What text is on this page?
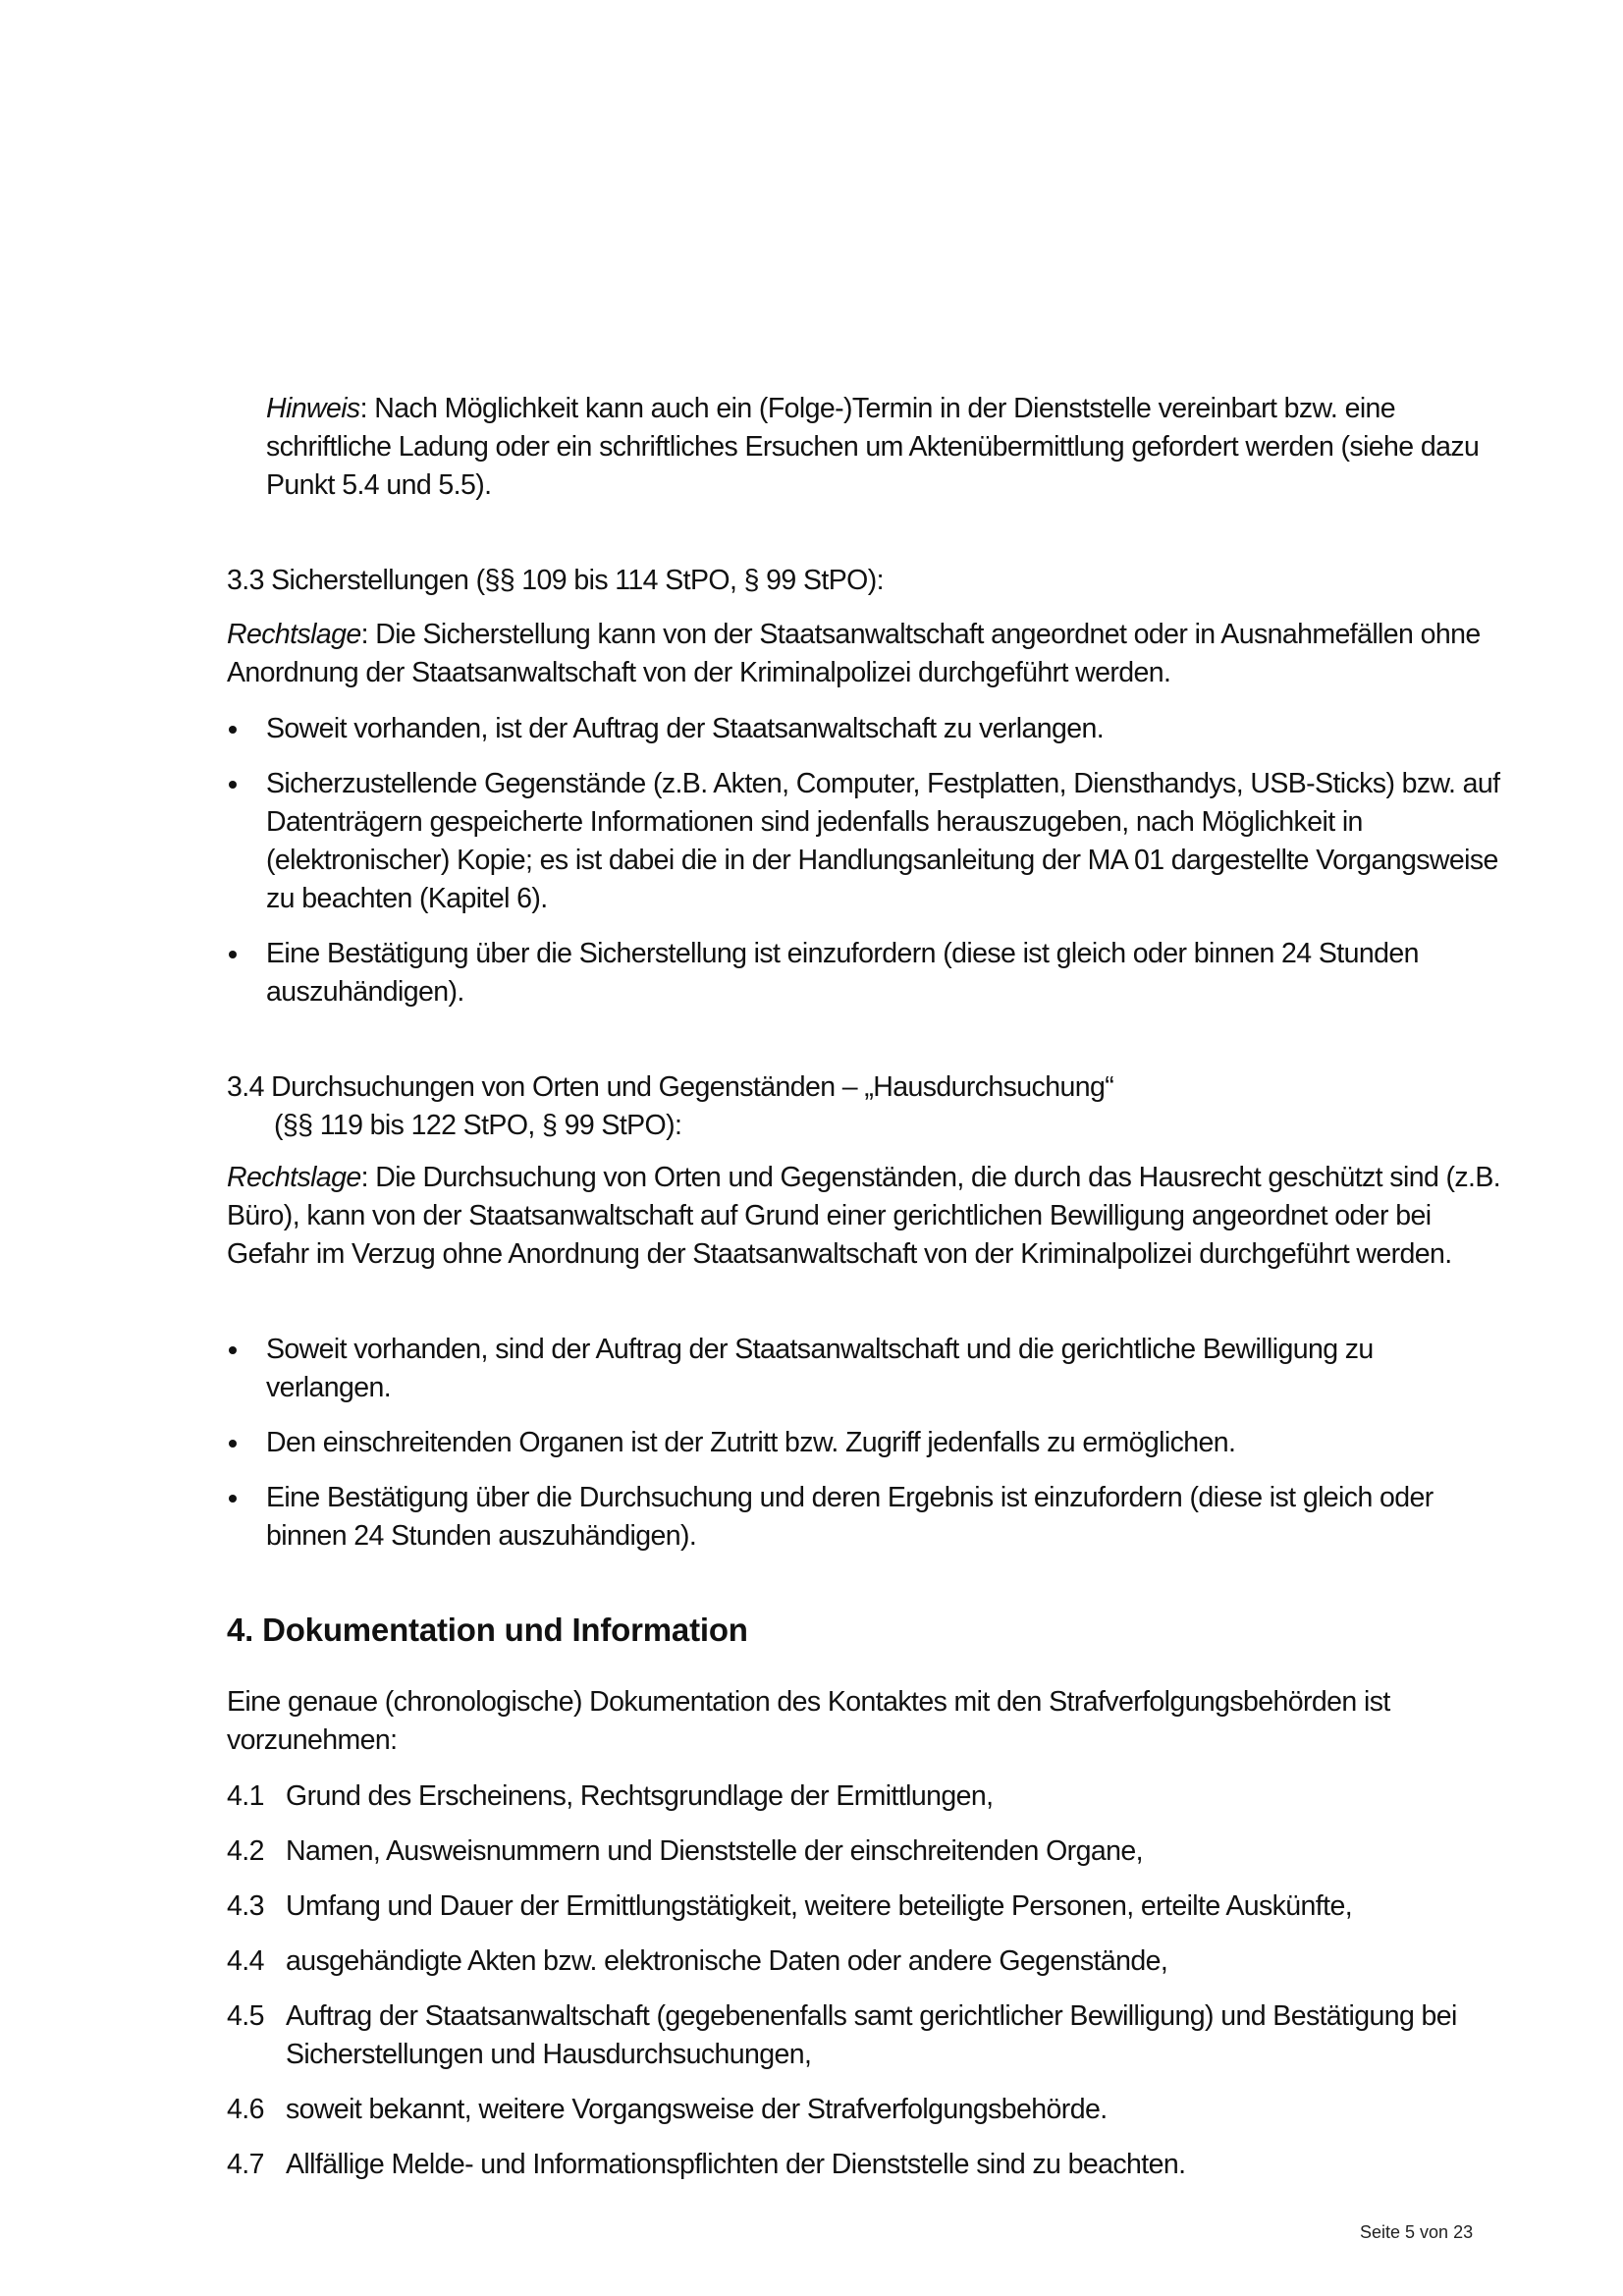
Hinweis: Nach Möglichkeit kann auch ein (Folge-)Termin in der Dienststelle vereinbart bzw. eine schriftliche Ladung oder ein schriftliches Ersuchen um Aktenübermittlung gefordert werden (siehe dazu Punkt 5.4 und 5.5).
3.3 Sicherstellungen (§§ 109 bis 114 StPO, § 99 StPO):
Rechtslage: Die Sicherstellung kann von der Staatsanwaltschaft angeordnet oder in Ausnahmefällen ohne Anordnung der Staatsanwaltschaft von der Kriminalpolizei durchgeführt werden.
Soweit vorhanden, ist der Auftrag der Staatsanwaltschaft zu verlangen.
Sicherzustellende Gegenstände (z.B. Akten, Computer, Festplatten, Diensthandys, USB-Sticks) bzw. auf Datenträgern gespeicherte Informationen sind jedenfalls herauszugeben, nach Möglichkeit in (elektronischer) Kopie; es ist dabei die in der Handlungsanleitung der MA 01 dargestellte Vorgangsweise zu beachten (Kapitel 6).
Eine Bestätigung über die Sicherstellung ist einzufordern (diese ist gleich oder binnen 24 Stunden auszuhändigen).
3.4 Durchsuchungen von Orten und Gegenständen – „Hausdurchsuchung“
(§§ 119 bis 122 StPO, § 99 StPO):
Rechtslage: Die Durchsuchung von Orten und Gegenständen, die durch das Hausrecht geschützt sind (z.B. Büro), kann von der Staatsanwaltschaft auf Grund einer gerichtlichen Bewilligung angeordnet oder bei Gefahr im Verzug ohne Anordnung der Staatsanwaltschaft von der Kriminalpolizei durchgeführt werden.
Soweit vorhanden, sind der Auftrag der Staatsanwaltschaft und die gerichtliche Bewilligung zu verlangen.
Den einschreitenden Organen ist der Zutritt bzw. Zugriff jedenfalls zu ermöglichen.
Eine Bestätigung über die Durchsuchung und deren Ergebnis ist einzufordern (diese ist gleich oder binnen 24 Stunden auszuhändigen).
4. Dokumentation und Information
Eine genaue (chronologische) Dokumentation des Kontaktes mit den Strafverfolgungsbehörden ist vorzunehmen:
4.1 Grund des Erscheinens, Rechtsgrundlage der Ermittlungen,
4.2 Namen, Ausweisnummern und Dienststelle der einschreitenden Organe,
4.3 Umfang und Dauer der Ermittlungstätigkeit, weitere beteiligte Personen, erteilte Auskünfte,
4.4 ausgehändigte Akten bzw. elektronische Daten oder andere Gegenstände,
4.5 Auftrag der Staatsanwaltschaft (gegebenenfalls samt gerichtlicher Bewilligung) und Bestätigung bei Sicherstellungen und Hausdurchsuchungen,
4.6 soweit bekannt, weitere Vorgangsweise der Strafverfolgungsbehörde.
4.7 Allfällige Melde- und Informationspflichten der Dienststelle sind zu beachten.
Seite 5 von 23
